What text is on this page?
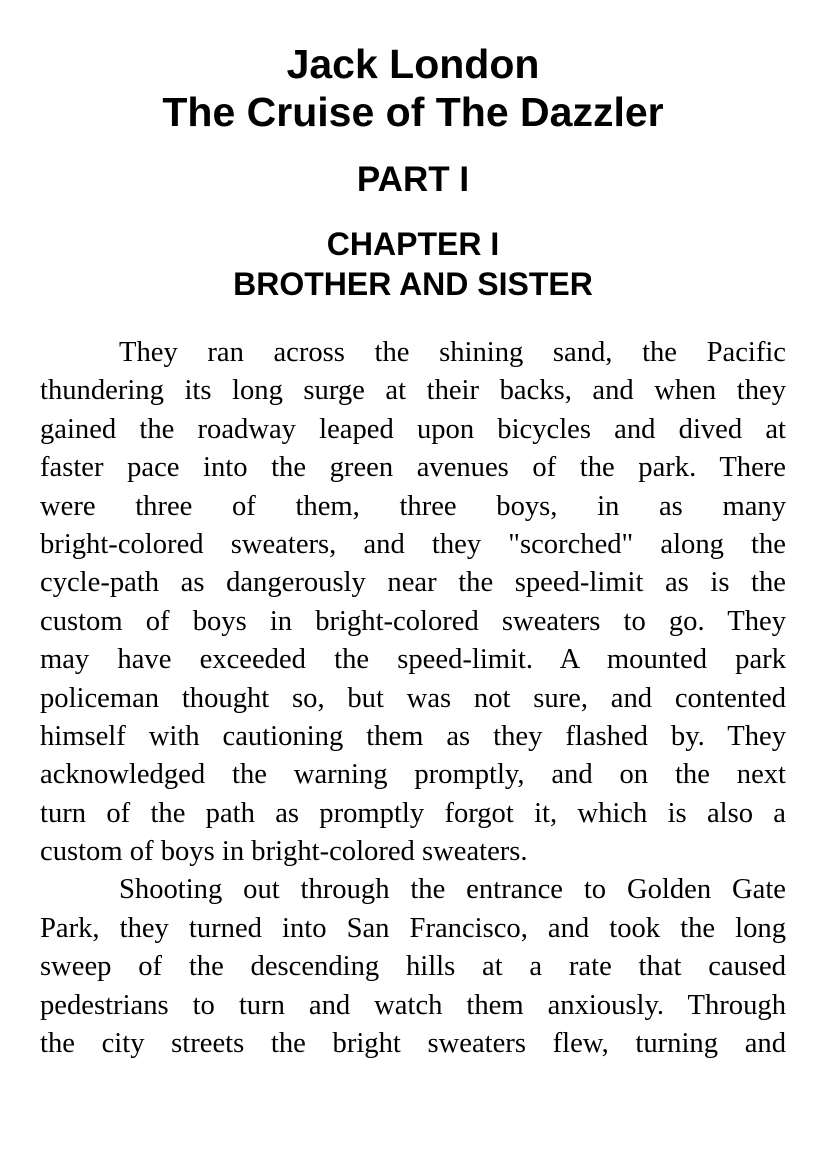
Jack London
The Cruise of The Dazzler
PART I
CHAPTER I
BROTHER AND SISTER

They ran across the shining sand, the Pacific
thundering its long surge at their backs, and when they
gained the roadway leaped upon bicycles and dived at
faster pace into the green avenues of the park. There
were three of them, three boys, in as many
bright-colored sweaters, and they "scorched" along the
cycle-path as dangerously near the speed-limit as is the
custom of boys in bright-colored sweaters to go. They
may have exceeded the speed-limit. A mounted park
policeman thought so, but was not sure, and contented
himself with cautioning them as they flashed by. They
acknowledged the warning promptly, and on the next
turn of the path as promptly forgot it, which is also a
custom of boys in bright-colored sweaters.

Shooting out through the entrance to Golden Gate
Park, they turned into San Francisco, and took the long
sweep of the descending hills at a rate that caused
pedestrians to turn and watch them anxiously. Through
the city streets the bright sweaters flew, turning and
